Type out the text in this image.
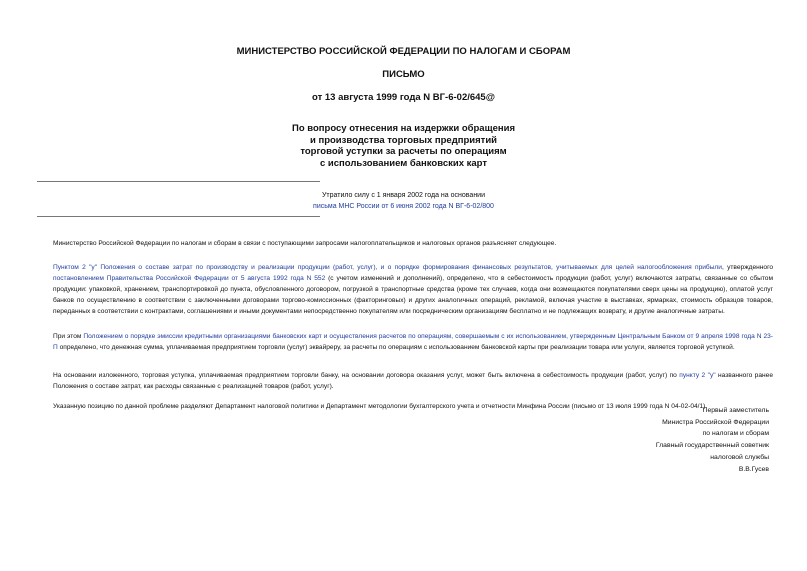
МИНИСТЕРСТВО РОССИЙСКОЙ ФЕДЕРАЦИИ ПО НАЛОГАМ И СБОРАМ
ПИСЬМО
от 13 августа 1999 года N ВГ-6-02/645@
По вопросу отнесения на издержки обращения
и производства торговых предприятий
торговой уступки за расчеты по операциям
с использованием банковских карт
Утратило силу с 1 января 2002 года на основании
письма МНС России от 6 июня 2002 года N ВГ-6-02/800
Министерство Российской Федерации по налогам и сборам в связи с поступающими запросами налогоплательщиков и налоговых органов разъясняет следующее.
Пунктом 2 "у" Положения о составе затрат по производству и реализации продукции (работ, услуг), и о порядке формирования финансовых результатов, учитываемых для целей налогообложения прибыли, утвержденного постановлением Правительства Российской Федерации от 5 августа 1992 года N 552 (с учетом изменений и дополнений), определено, что в себестоимость продукции (работ, услуг) включаются затраты, связанные со сбытом продукции: упаковкой, хранением, транспортировкой до пункта, обусловленного договором, погрузкой в транспортные средства (кроме тех случаев, когда они возмещаются покупателями сверх цены на продукцию), оплатой услуг банков по осуществлению в соответствии с заключенными договорами торгово-комиссионных (факторинговых) и других аналогичных операций, рекламой, включая участие в выставках, ярмарках, стоимость образцов товаров, переданных в соответствии с контрактами, соглашениями и иными документами непосредственно покупателям или посредническим организациям бесплатно и не подлежащих возврату, и другие аналогичные затраты.
При этом Положением о порядке эмиссии кредитными организациями банковских карт и осуществления расчетов по операциям, совершаемым с их использованием, утвержденным Центральным Банком от 9 апреля 1998 года N 23-П определено, что денежная сумма, уплачиваемая предприятием торговли (услуг) эквайреру, за расчеты по операциям с использованием банковской карты при реализации товара или услуги, является торговой уступкой.
На основании изложенного, торговая уступка, уплачиваемая предприятием торговли банку, на основании договора оказания услуг, может быть включена в себестоимость продукции (работ, услуг) по пункту 2 "у" названного ранее Положения о составе затрат, как расходы связанные с реализацией товаров (работ, услуг).
Указанную позицию по данной проблеме разделяют Департамент налоговой политики и Департамент методологии бухгалтерского учета и отчетности Минфина России (письмо от 13 июля 1999 года N 04-02-04/1).
Первый заместитель
Министра Российской Федерации
по налогам и сборам
Главный государственный советник
налоговой службы
В.В.Гусев
